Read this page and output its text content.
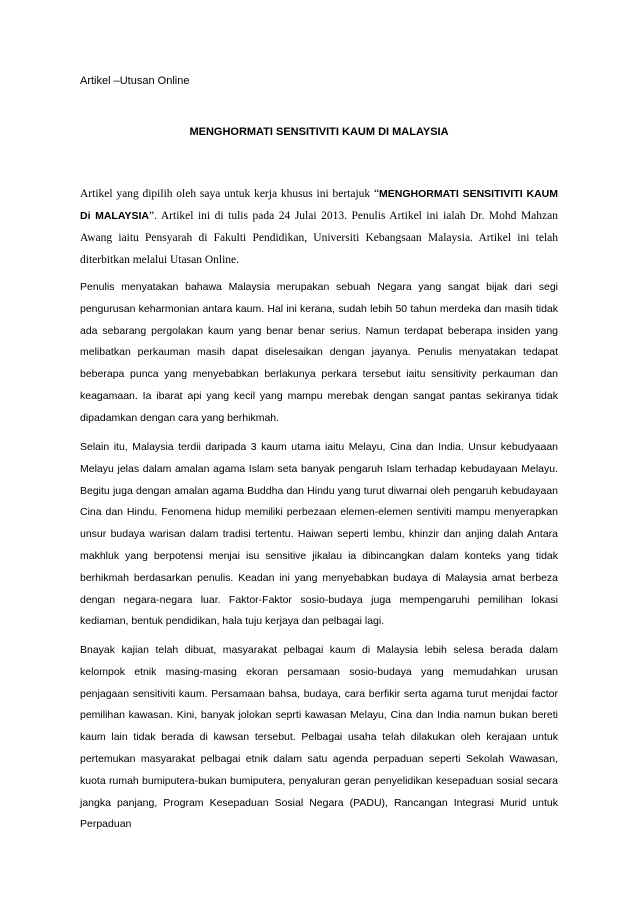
Artikel –Utusan Online
MENGHORMATI SENSITIVITI KAUM DI MALAYSIA
Artikel yang dipilih oleh saya untuk kerja khusus ini bertajuk “MENGHORMATI SENSITIVITI KAUM Di MALAYSIA”. Artikel ini di tulis pada 24 Julai 2013. Penulis Artikel ini ialah Dr. Mohd Mahzan Awang iaitu Pensyarah di Fakulti Pendidikan, Universiti Kebangsaan Malaysia. Artikel ini telah diterbitkan melalui Utasan Online.
Penulis menyatakan bahawa Malaysia merupakan sebuah Negara yang sangat bijak dari segi pengurusan keharmonian antara kaum. Hal ini kerana, sudah lebih 50 tahun merdeka dan masih tidak ada sebarang pergolakan kaum yang benar benar serius. Namun terdapat beberapa insiden yang melibatkan perkauman masih dapat diselesaikan dengan jayanya. Penulis menyatakan tedapat beberapa punca yang menyebabkan berlakunya perkara tersebut iaitu sensitivity perkauman dan keagamaan. Ia ibarat api yang kecil yang mampu merebak dengan sangat pantas sekiranya tidak dipadamkan dengan cara yang berhikmah.
Selain itu, Malaysia terdii daripada 3 kaum utama iaitu Melayu, Cina dan India. Unsur kebudyaaan Melayu jelas dalam amalan agama Islam seta banyak pengaruh Islam terhadap kebudayaan Melayu. Begitu juga dengan amalan agama Buddha dan Hindu yang turut diwarnai oleh pengaruh kebudayaan Cina dan Hindu. Fenomena hidup memiliki perbezaan elemen-elemen sentiviti mampu menyerapkan unsur budaya warisan dalam tradisi tertentu. Haiwan seperti lembu, khinzir dan anjing dalah Antara makhluk yang berpotensi menjai isu sensitive jikalau ia dibincangkan dalam konteks yang tidak berhikmah berdasarkan penulis. Keadan ini yang menyebabkan budaya di Malaysia amat berbeza dengan negara-negara luar. Faktor-Faktor sosio-budaya juga mempengaruhi pemilihan lokasi kediaman, bentuk pendidikan, hala tuju kerjaya dan pelbagai lagi.
Bnayak kajian telah dibuat, masyarakat pelbagai kaum di Malaysia lebih selesa berada dalam kelompok etnik masing-masing ekoran persamaan sosio-budaya yang memudahkan urusan penjagaan sensitiviti kaum. Persamaan bahsa, budaya, cara berfikir serta agama turut menjdai factor pemilihan kawasan. Kini, banyak jolokan seprti kawasan Melayu, Cina dan India namun bukan bereti kaum lain tidak berada di kawsan tersebut. Pelbagai usaha telah dilakukan oleh kerajaan untuk pertemukan masyarakat pelbagai etnik dalam satu agenda perpaduan seperti Sekolah Wawasan, kuota rumah bumiputera-bukan bumiputera, penyaluran geran penyelidikan kesepaduan sosial secara jangka panjang, Program Kesepaduan Sosial Negara (PADU), Rancangan Integrasi Murid untuk Perpaduan
